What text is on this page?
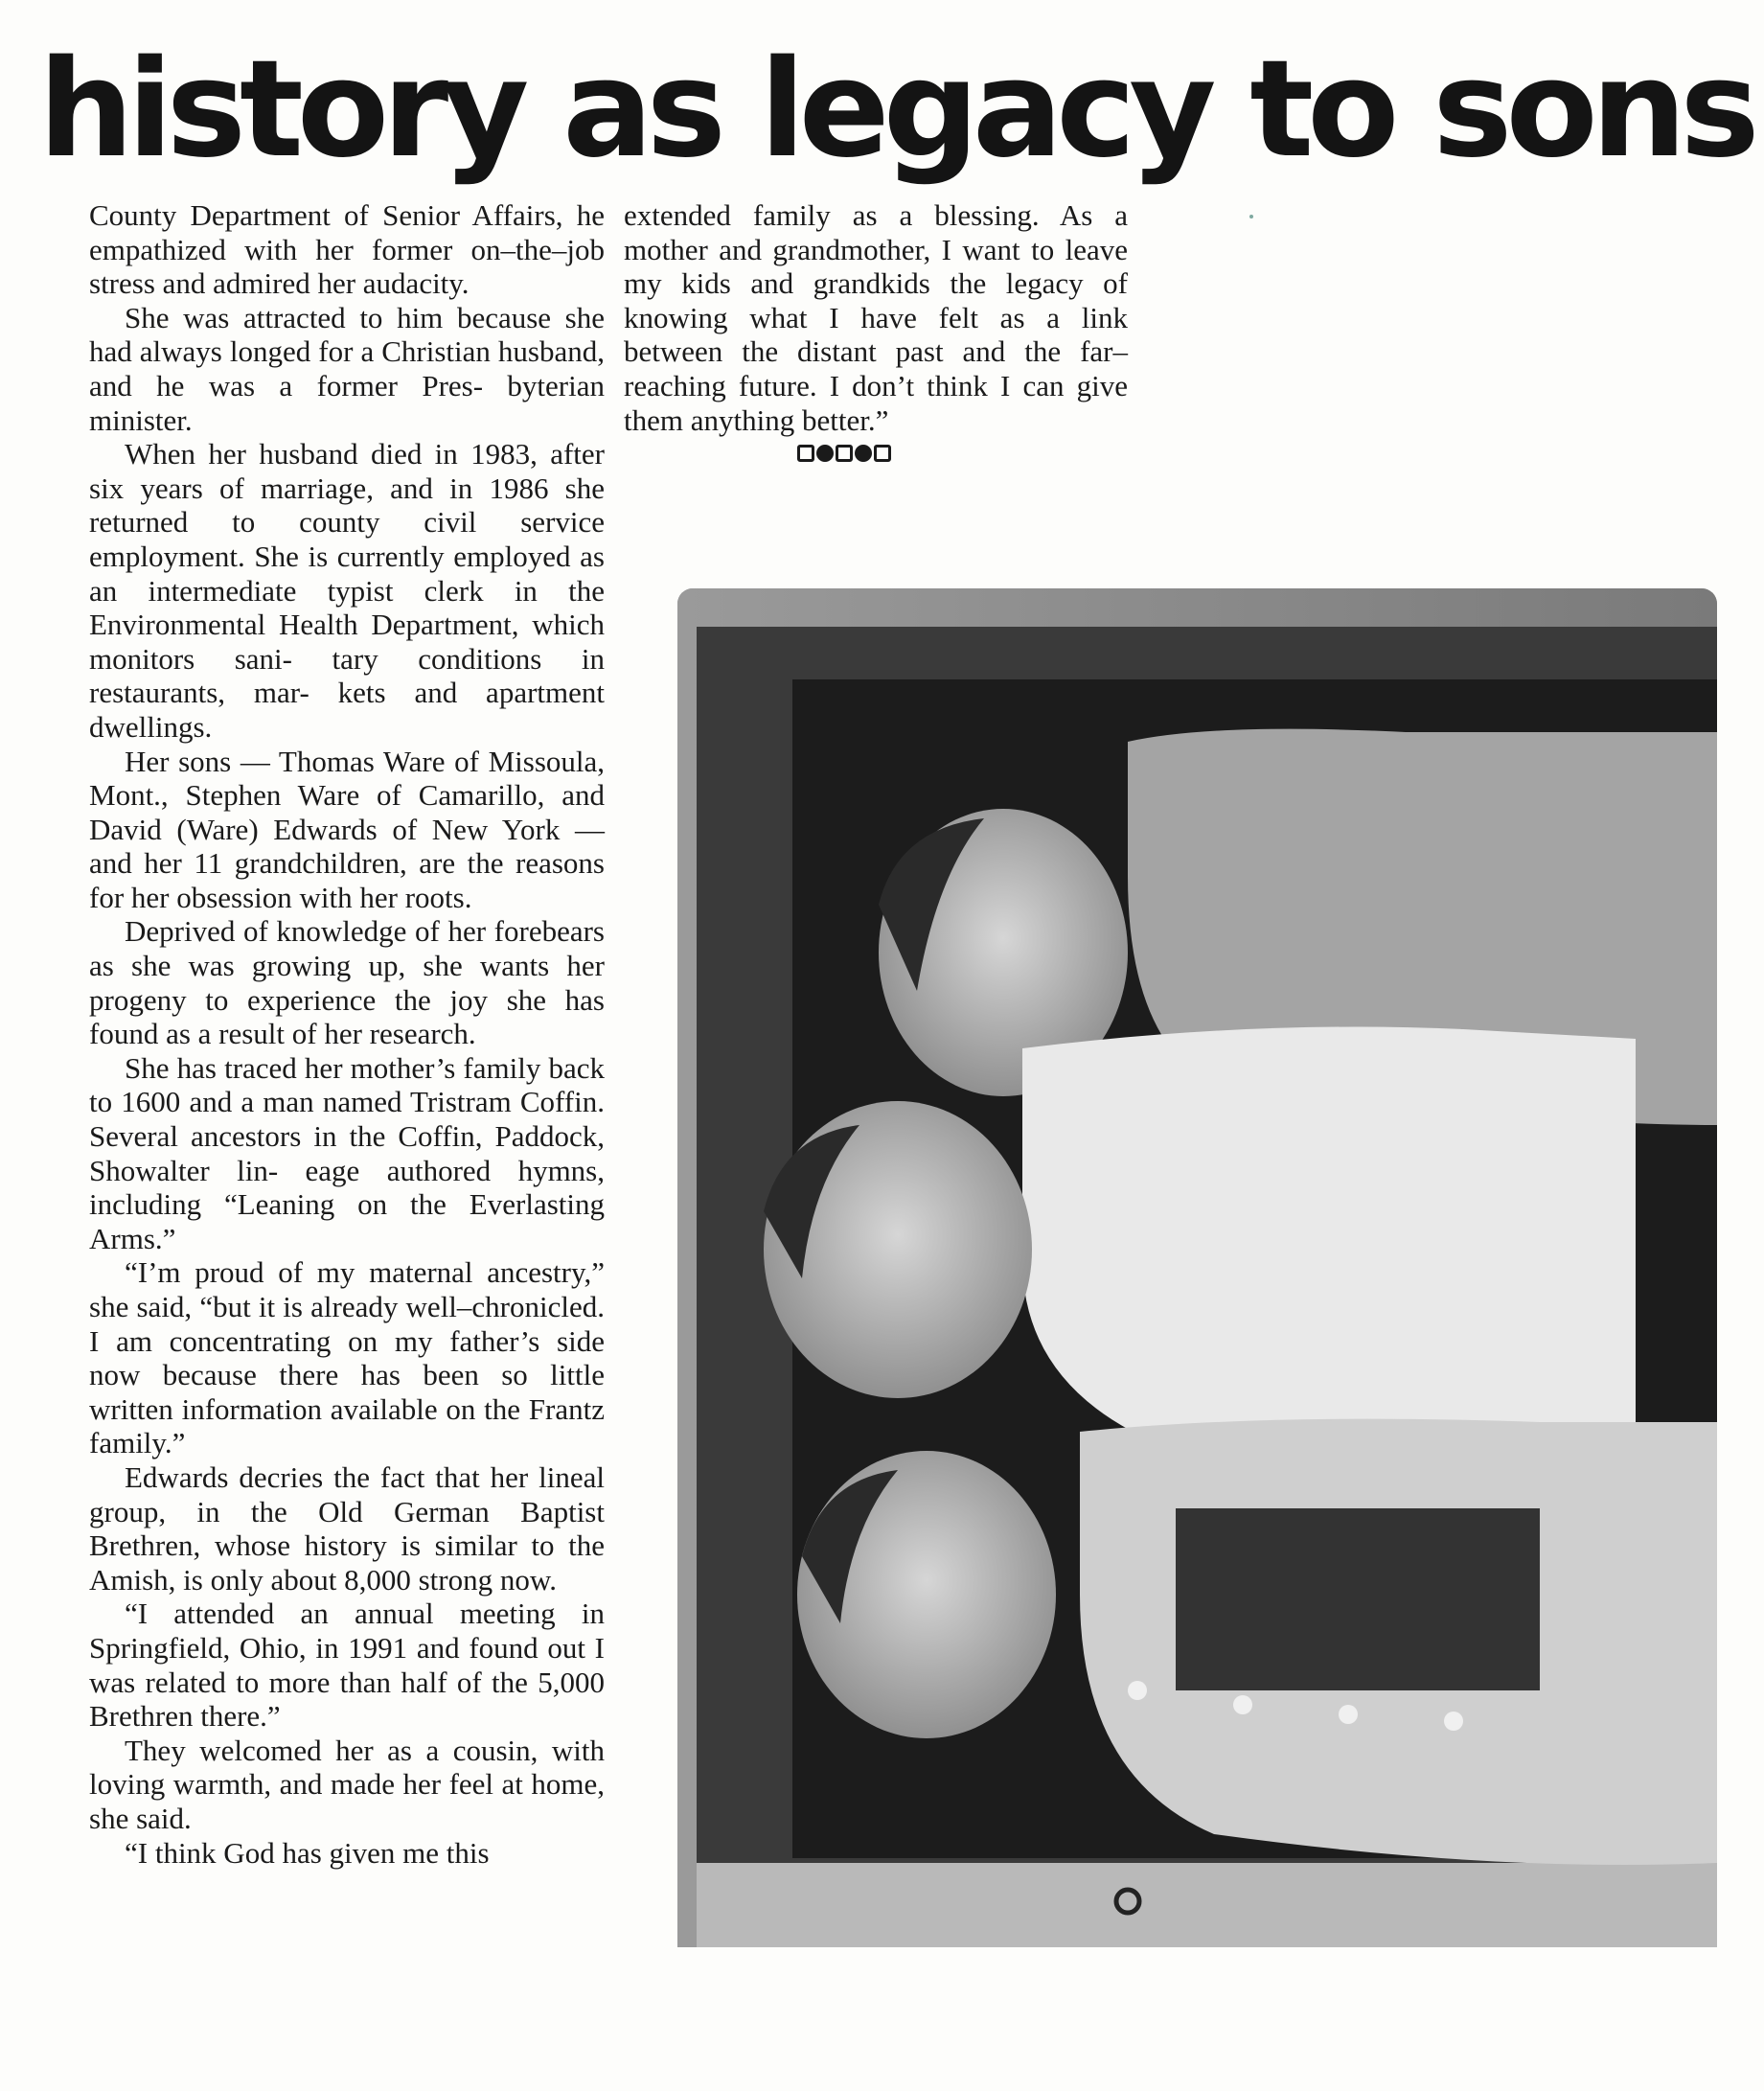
history as legacy to sons

County Department of Senior Affairs, he empathized with her former on–the–job stress and admired her audacity.

She was attracted to him because she had always longed for a Christian husband, and he was a former Pres- byterian minister.

When her husband died in 1983, after six years of marriage, and in 1986 she returned to county civil service employment. She is currently employed as an intermediate typist clerk in the Environmental Health Department, which monitors sani- tary conditions in restaurants, mar- kets and apartment dwellings.

Her sons — Thomas Ware of Missoula, Mont., Stephen Ware of Camarillo, and David (Ware) Edwards of New York — and her 11 grandchildren, are the reasons for her obsession with her roots.

Deprived of knowledge of her forebears as she was growing up, she wants her progeny to experience the joy she has found as a result of her research.

She has traced her mother’s family back to 1600 and a man named Tristram Coffin. Several ancestors in the Coffin, Paddock, Showalter lin- eage authored hymns, including “Leaning on the Everlasting Arms.”

“I’m proud of my maternal ancestry,” she said, “but it is already well–chronicled. I am concentrating on my father’s side now because there has been so little written information available on the Frantz family.”

Edwards decries the fact that her lineal group, in the Old German Baptist Brethren, whose history is similar to the Amish, is only about 8,000 strong now.

“I attended an annual meeting in Springfield, Ohio, in 1991 and found out I was related to more than half of the 5,000 Brethren there.”

They welcomed her as a cousin, with loving warmth, and made her feel at home, she said.

“I think God has given me this

extended family as a blessing. As a mother and grandmother, I want to leave my kids and grandkids the legacy of knowing what I have felt as a link between the distant past and the far–reaching future. I don’t think I can give them anything better.”
